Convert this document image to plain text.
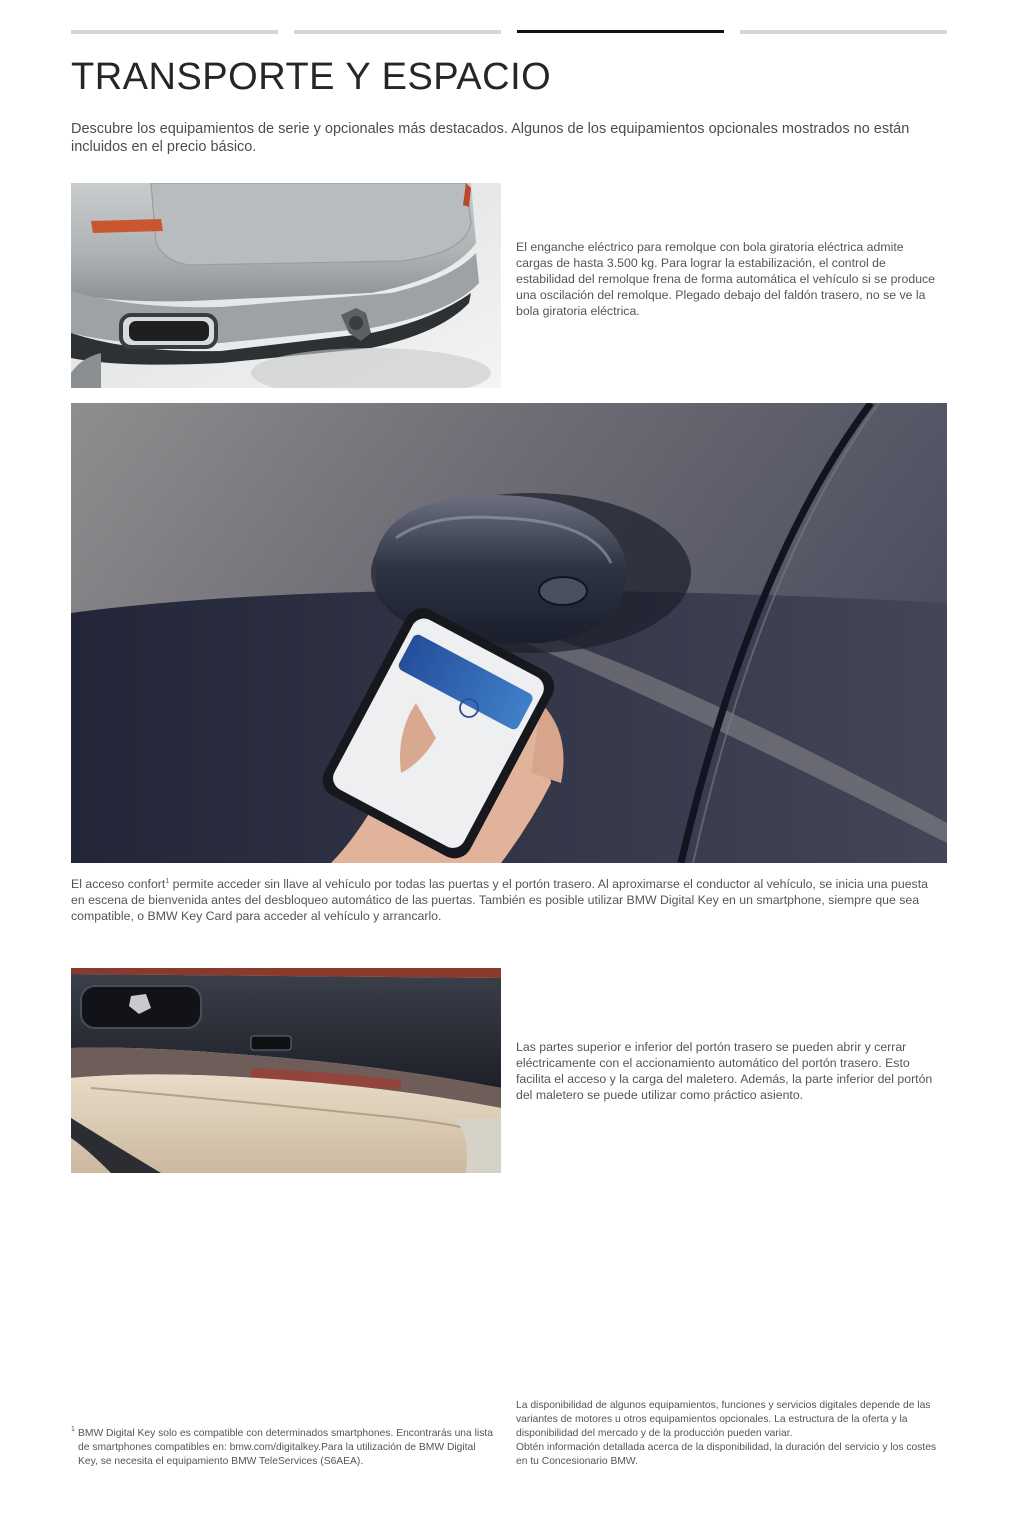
TRANSPORTE Y ESPACIO
Descubre los equipamientos de serie y opcionales más destacados. Algunos de los equipamientos opcionales mostrados no están incluidos en el precio básico.
El enganche eléctrico para remolque con bola giratoria eléctrica admite cargas de hasta 3.500 kg. Para lograr la estabilización, el control de estabilidad del remolque frena de forma automática el vehículo si se produce una oscilación del remolque. Plegado debajo del faldón trasero, no se ve la bola giratoria eléctrica.
El acceso confort$^1$ permite acceder sin llave al vehículo por todas las puertas y el portón trasero. Al aproximarse el conductor al vehículo, se inicia una puesta en escena de bienvenida antes del desbloqueo automático de las puertas. También es posible utilizar BMW Digital Key en un smartphone, siempre que sea compatible, o BMW Key Card para acceder al vehículo y arrancarlo.
Las partes superior e inferior del portón trasero se pueden abrir y cerrar eléctricamente con el accionamiento automático del portón trasero. Esto facilita el acceso y la carga del maletero. Además, la parte inferior del portón del maletero se puede utilizar como práctico asiento.
1 BMW Digital Key solo es compatible con determinados smartphones. Encontrarás una lista de smartphones compatibles en: bmw.com/digitalkey.Para la utilización de BMW Digital Key, se necesita el equipamiento BMW TeleServices (S6AEA).
La disponibilidad de algunos equipamientos, funciones y servicios digitales depende de las variantes de motores u otros equipamientos opcionales. La estructura de la oferta y la disponibilidad del mercado y de la producción pueden variar.
Obtén información detallada acerca de la disponibilidad, la duración del servicio y los costes en tu Concesionario BMW.
